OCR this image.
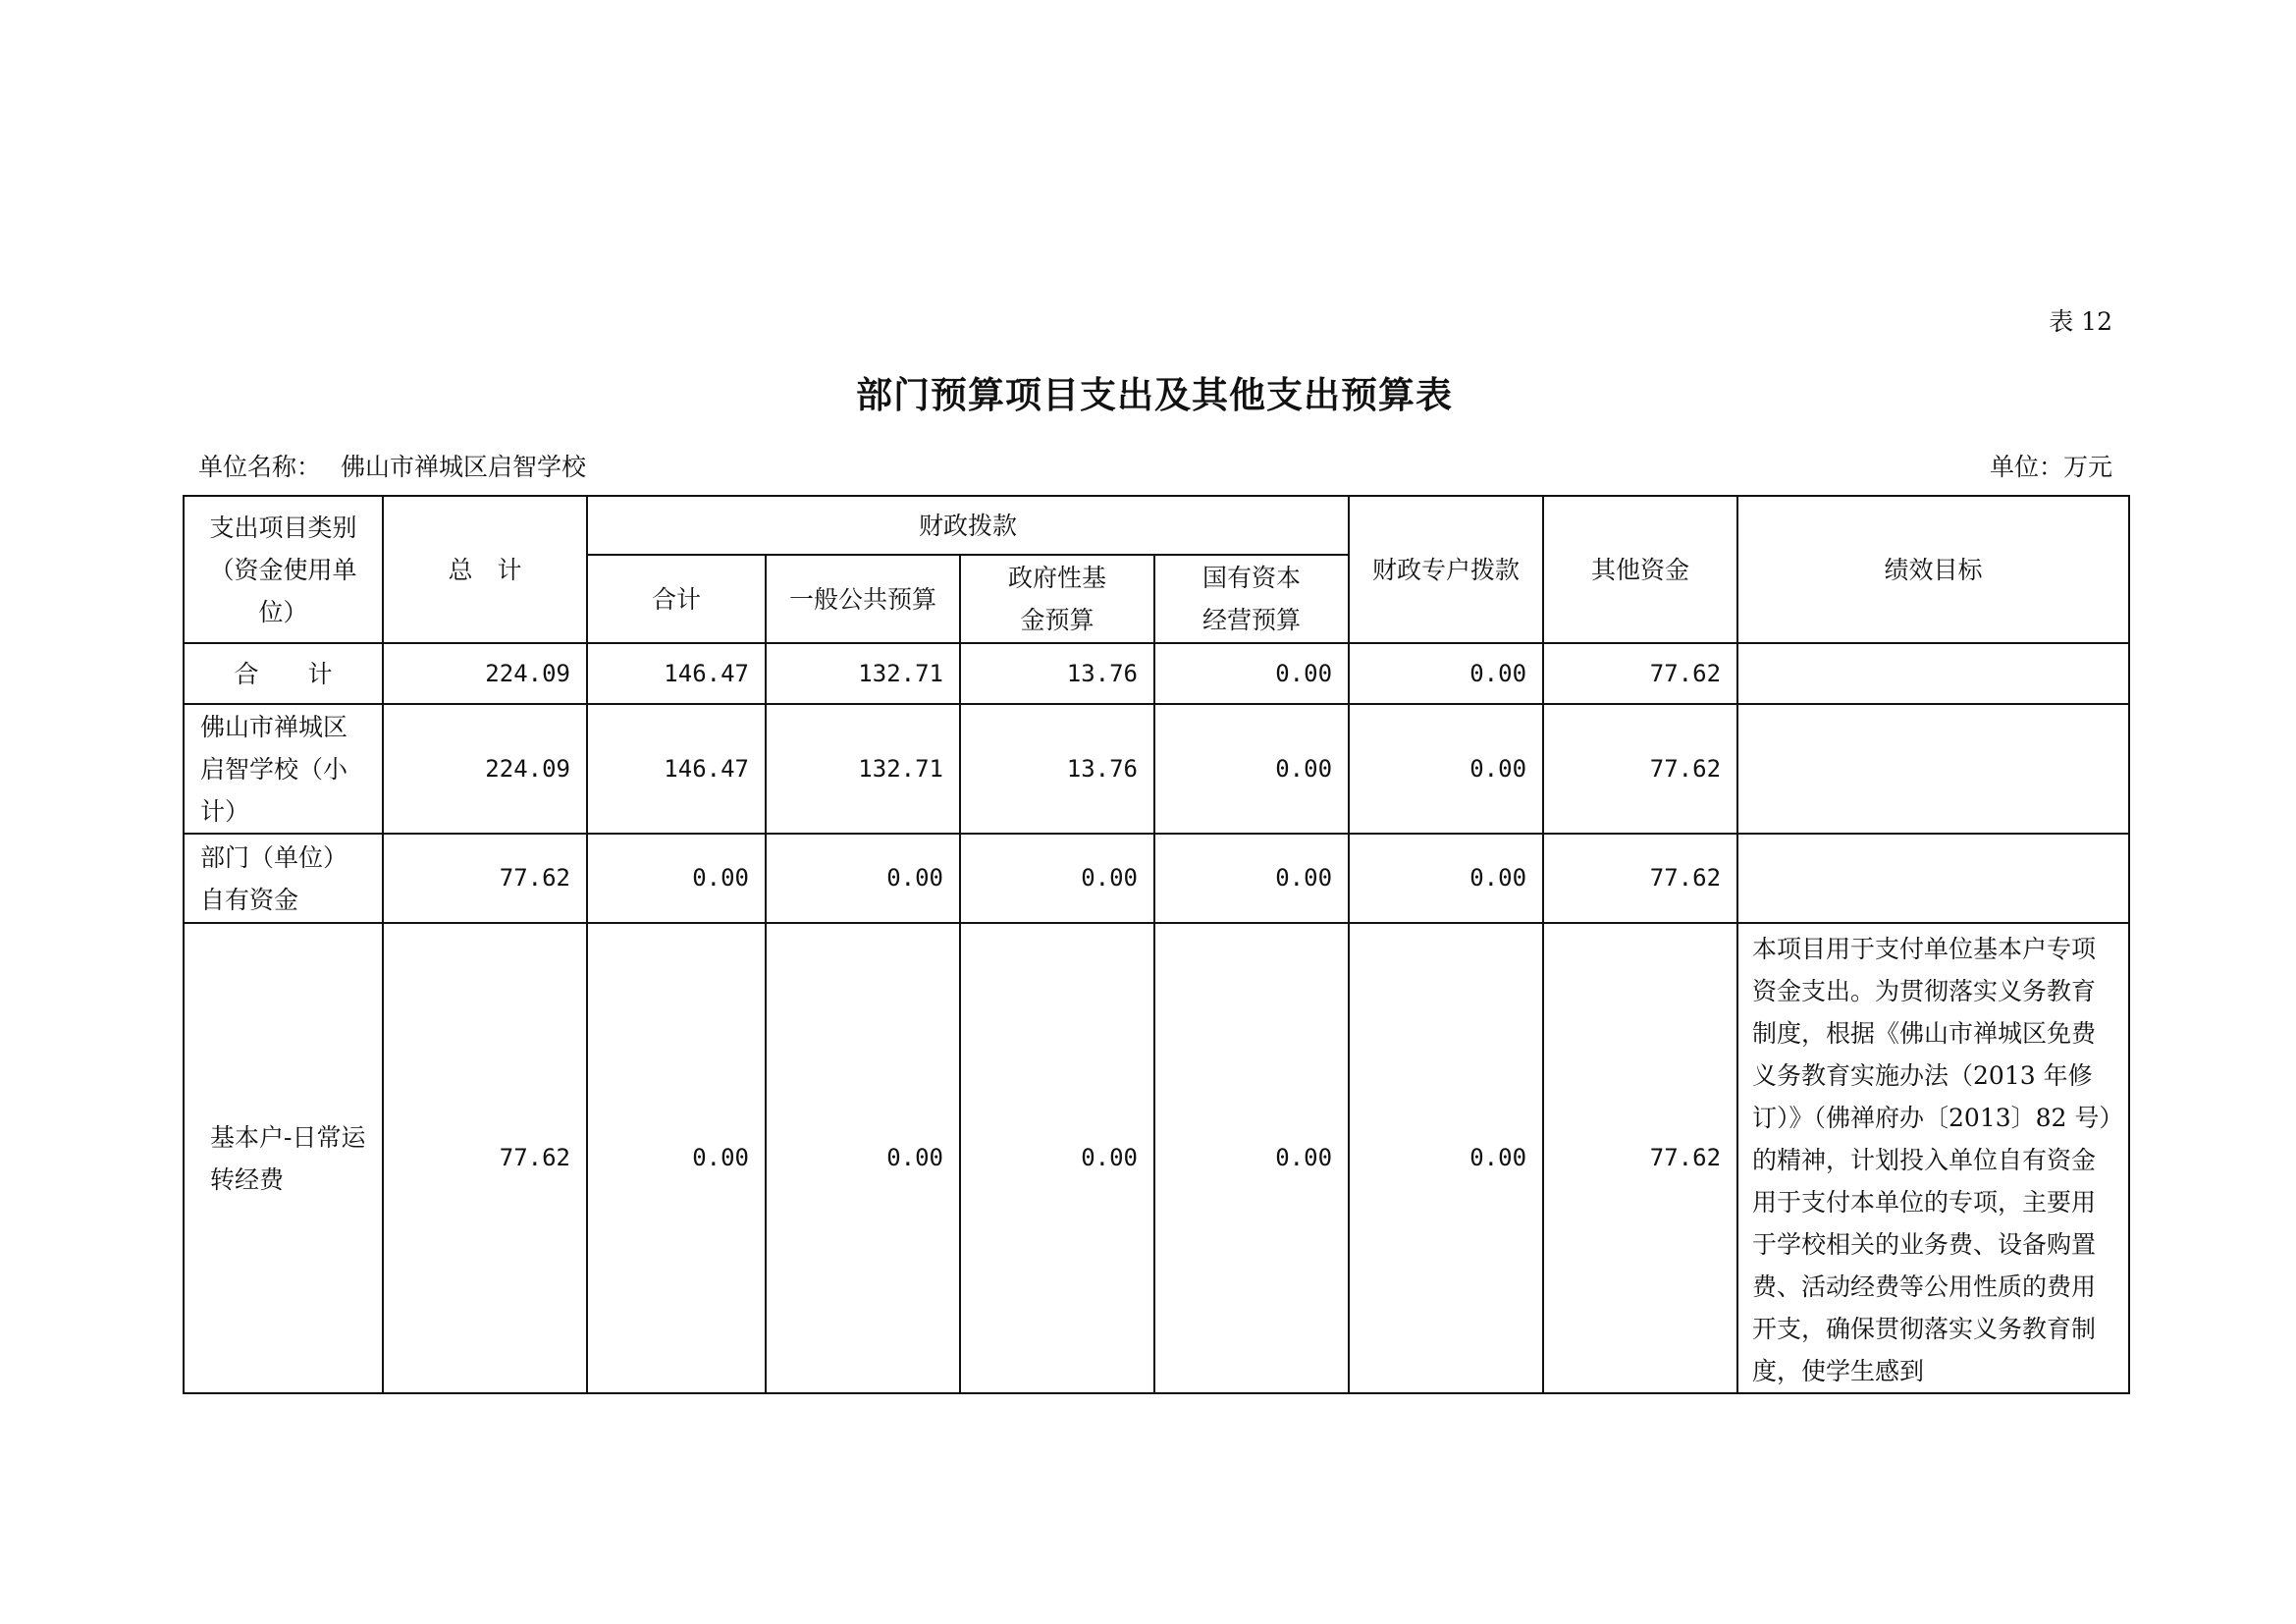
表 12
部门预算项目支出及其他支出预算表
单位名称： 佛山市禅城区启智学校	单位：万元
支出项目类别（资金使用单位）	总　计	财政拨款				财政专户拨款	其他资金	绩效目标
		合计	一般公共预算	政府性基金预算	国有资本经营预算			
合　　计	224.09	146.47	132.71	13.76	0.00	0.00	77.62	
佛山市禅城区启智学校（小计）	224.09	146.47	132.71	13.76	0.00	0.00	77.62	
部门（单位）自有资金	77.62	0.00	0.00	0.00	0.00	0.00	77.62	
基本户-日常运转经费	77.62	0.00	0.00	0.00	0.00	0.00	77.62	本项目用于支付单位基本户专项资金支出。为贯彻落实义务教育制度，根据《佛山市禅城区免费义务教育实施办法（2013 年修订）》（佛禅府办〔2013〕82 号）的精神，计划投入单位自有资金用于支付本单位的专项，主要用于学校相关的业务费、设备购置费、活动经费等公用性质的费用开支，确保贯彻落实义务教育制度，使学生感到
